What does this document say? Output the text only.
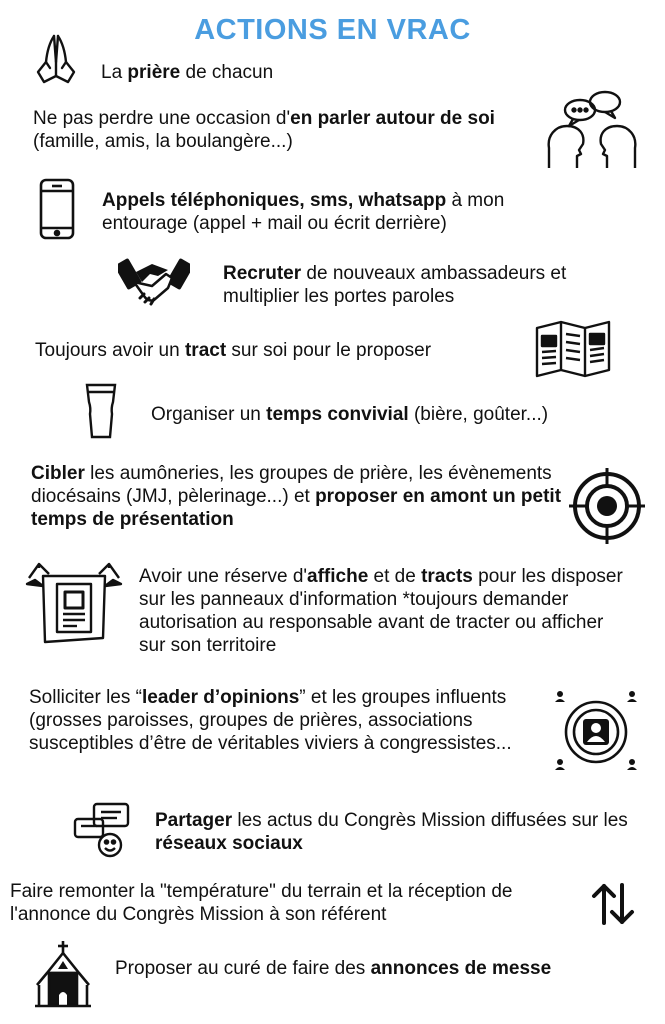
ACTIONS EN VRAC
La prière de chacun
Ne pas perdre une occasion d'en parler autour de soi (famille, amis, la boulangère...)
Appels téléphoniques, sms, whatsapp à mon entourage (appel + mail ou écrit derrière)
Recruter de nouveaux ambassadeurs et multiplier les portes paroles
Toujours avoir un tract sur soi pour le proposer
Organiser un temps convivial (bière, goûter...)
Cibler les aumôneries, les groupes de prière, les évènements diocésains (JMJ, pèlerinage...) et proposer en amont un petit temps de présentation
Avoir une réserve d'affiche et de tracts pour les disposer sur les panneaux d'information *toujours demander autorisation au responsable avant de tracter ou afficher sur son territoire
Solliciter les “leader d’opinions” et les groupes influents (grosses paroisses, groupes de prières, associations susceptibles d’être de véritables viviers à congressistes...
Partager les actus du Congrès Mission diffusées sur les réseaux sociaux
Faire remonter la "température" du terrain et la réception de l'annonce du Congrès Mission à son référent
Proposer au curé de faire des annonces de messe
